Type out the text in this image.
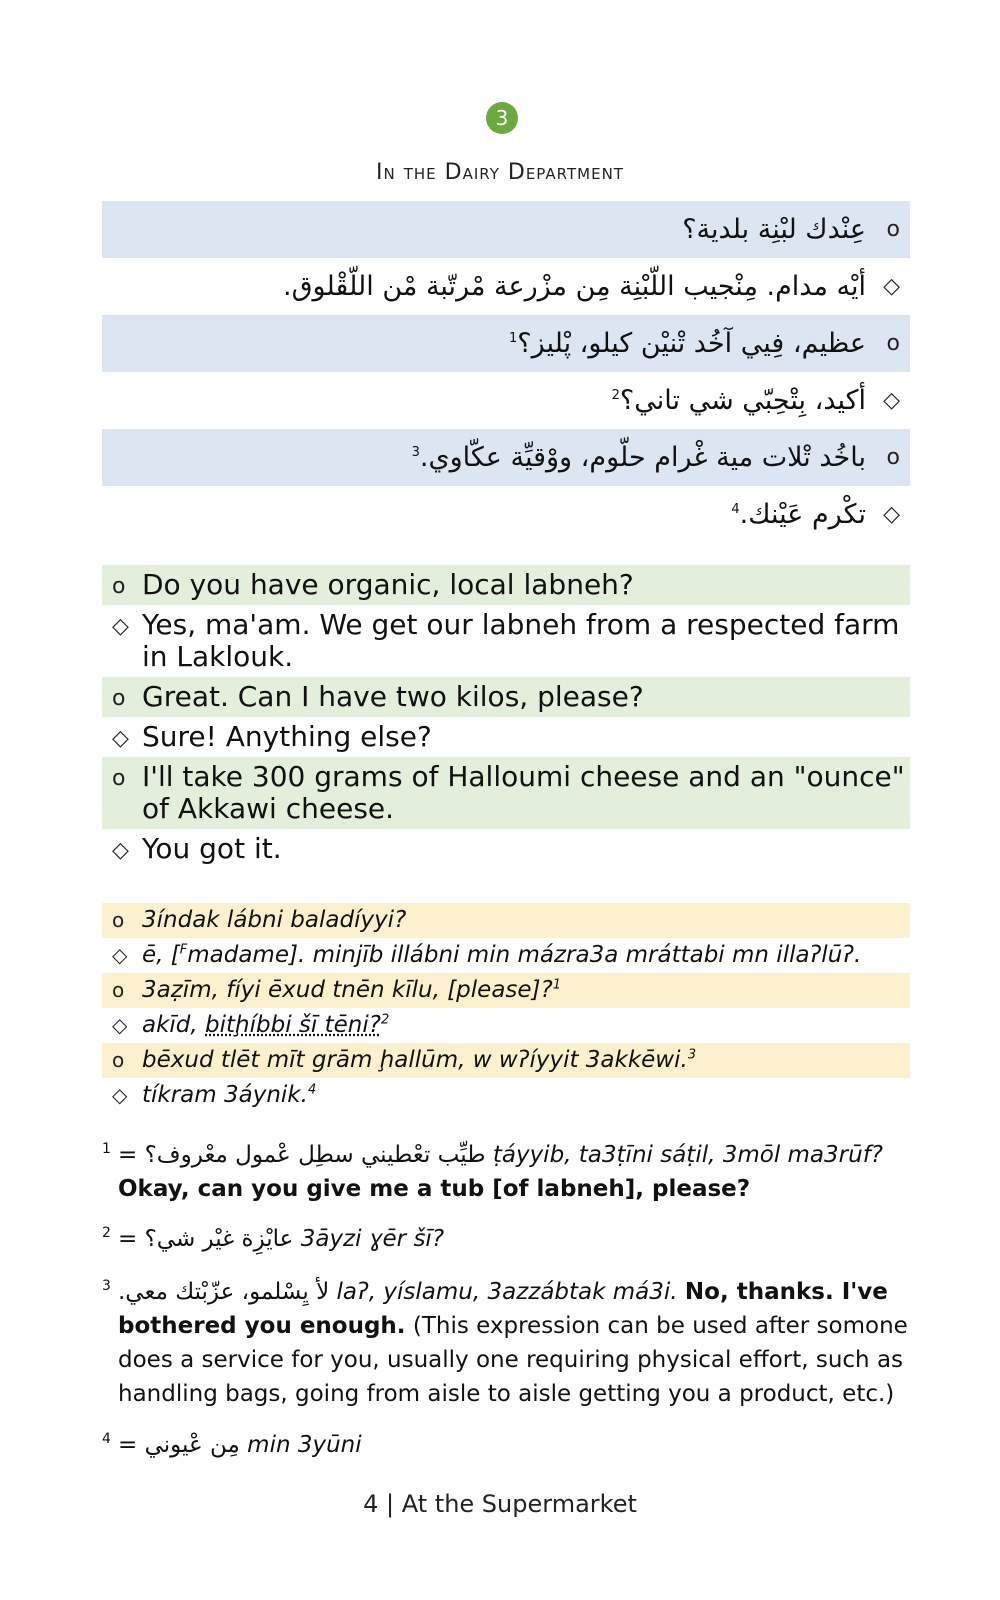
3
In the Dairy Department
o
عِنْدك لبْنِة بلدية؟
◇
أيْه مدام. مِنْجيب اللّبْنِة مِن مزْرعة مْرتّبة مْن اللّقْلوق.
o
عظيم، فِيي آخُد تْنيْن كيلو، پْليز؟$^1$
◇
أكيد، بِتْحِبّي شي تاني؟$^2$
o
باخُد تْلات مية غْرام حلّوم، ووْقيِّة عكّاوي.$^3$
◇
تكْرم عَيْنك.$^4$
o Do you have organic, local labneh?
◇ Yes, ma'am. We get our labneh from a respected farm in Laklouk.
o Great. Can I have two kilos, please?
◇ Sure! Anything else?
o I'll take 300 grams of Halloumi cheese and an "ounce" of Akkawi cheese.
◇ You got it.
o 3índak lábni baladíyyi?
◇ ē, [$^F$madame]. minjīb illábni min mázra3a mráttabi mn illaʔlūʔ.
o 3aẓīm, fíyi ēxud tnēn kīlu, [please]?$^1$
◇ akīd, bitḩíbbi šī tēni?$^2$
o bēxud tlēt mīt grām ḩallūm, w wʔíyyit 3akkēwi.$^3$
◇ tíkram 3áynik.$^4$
1 = طيِّب تعْطيني سطِل عْمول معْروف؟ ṭáyyib, ta3ṭīni sáṭil, 3mōl ma3rūf? Okay, can you give me a tub [of labneh], please?
2 = عايْزِة غيْر شي؟ 3āyzi ɣēr šī?
3 لأ يِسْلمو، عزّبْتك معي. laʔ, yíslamu, 3azzábtak má3i. No, thanks. I've bothered you enough. (This expression can be used after somone does a service for you, usually one requiring physical effort, such as handling bags, going from aisle to aisle getting you a product, etc.)
4 = مِن عْيوني min 3yūni
4 | At the Supermarket
